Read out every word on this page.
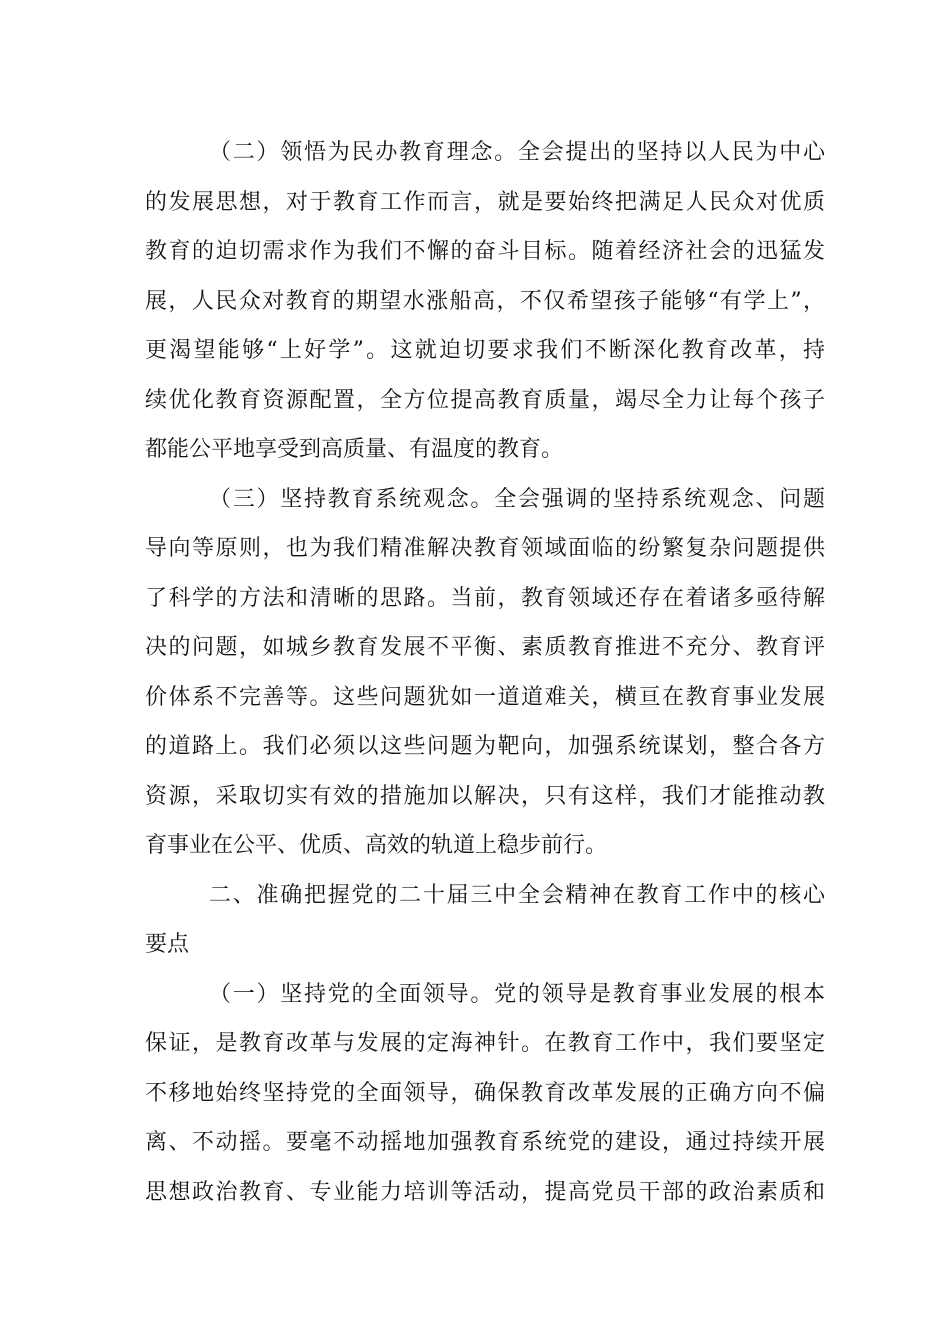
（二）领悟为民办教育理念。全会提出的坚持以人民为中心
的发展思想，对于教育工作而言，就是要始终把满足人民众对优质
教育的迫切需求作为我们不懈的奋斗目标。随着经济社会的迅猛发
展，人民众对教育的期望水涨船高，不仅希望孩子能够“有学上”，
更渴望能够“上好学”。这就迫切要求我们不断深化教育改革，持
续优化教育资源配置，全方位提高教育质量，竭尽全力让每个孩子
都能公平地享受到高质量、有温度的教育。
（三）坚持教育系统观念。全会强调的坚持系统观念、问题
导向等原则，也为我们精准解决教育领域面临的纷繁复杂问题提供
了科学的方法和清晰的思路。当前，教育领域还存在着诸多亟待解
决的问题，如城乡教育发展不平衡、素质教育推进不充分、教育评
价体系不完善等。这些问题犹如一道道难关，横亘在教育事业发展
的道路上。我们必须以这些问题为靶向，加强系统谋划，整合各方
资源，采取切实有效的措施加以解决，只有这样，我们才能推动教
育事业在公平、优质、高效的轨道上稳步前行。
二、准确把握党的二十届三中全会精神在教育工作中的核心
要点
（一）坚持党的全面领导。党的领导是教育事业发展的根本
保证，是教育改革与发展的定海神针。在教育工作中，我们要坚定
不移地始终坚持党的全面领导，确保教育改革发展的正确方向不偏
离、不动摇。要毫不动摇地加强教育系统党的建设，通过持续开展
思想政治教育、专业能力培训等活动，提高党员干部的政治素质和
